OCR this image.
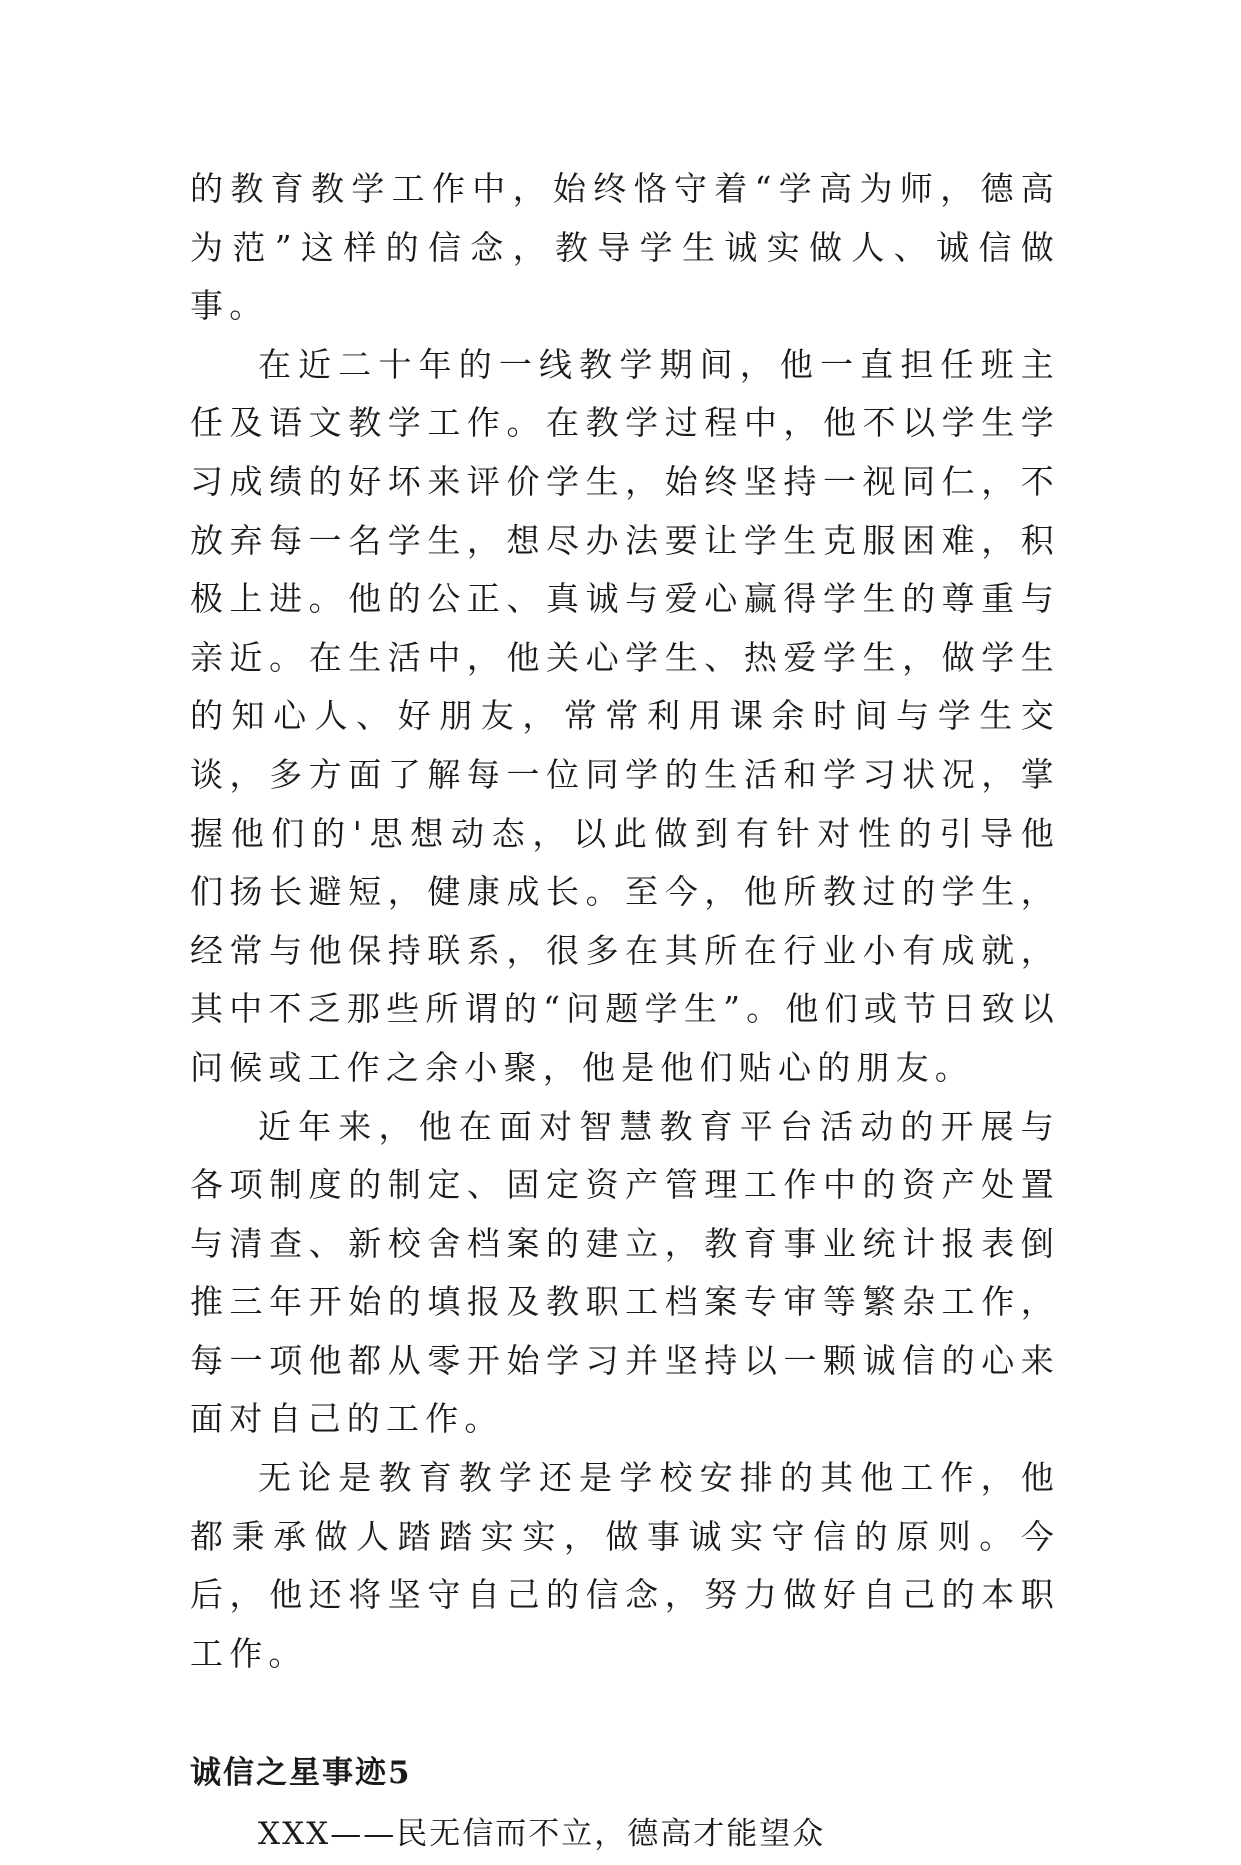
的教育教学工作中，始终恪守着“学高为师，德高为范”这样的信念，教导学生诚实做人、诚信做事。

在近二十年的一线教学期间，他一直担任班主任及语文教学工作。在教学过程中，他不以学生学习成绩的好坏来评价学生，始终坚持一视同仁，不放弃每一名学生，想尽办法要让学生克服困难，积极上进。他的公正、真诚与爱心赢得学生的尊重与亲近。在生活中，他关心学生、热爱学生，做学生的知心人、好朋友，常常利用课余时间与学生交谈，多方面了解每一位同学的生活和学习状况，掌握他们的'思想动态，以此做到有针对性的引导他们扬长避短，健康成长。至今，他所教过的学生，经常与他保持联系，很多在其所在行业小有成就，其中不乏那些所谓的“问题学生”。他们或节日致以问候或工作之余小聚，他是他们贴心的朋友。

近年来，他在面对智慧教育平台活动的开展与各项制度的制定、固定资产管理工作中的资产处置与清查、新校舍档案的建立，教育事业统计报表倒推三年开始的填报及教职工档案专审等繁杂工作，每一项他都从零开始学习并坚持以一颗诚信的心来面对自己的工作。

无论是教育教学还是学校安排的其他工作，他都秉承做人踏踏实实，做事诚实守信的原则。今后，他还将坚守自己的信念，努力做好自己的本职工作。

诚信之星事迹5

XXX——民无信而不立，德高才能望众
